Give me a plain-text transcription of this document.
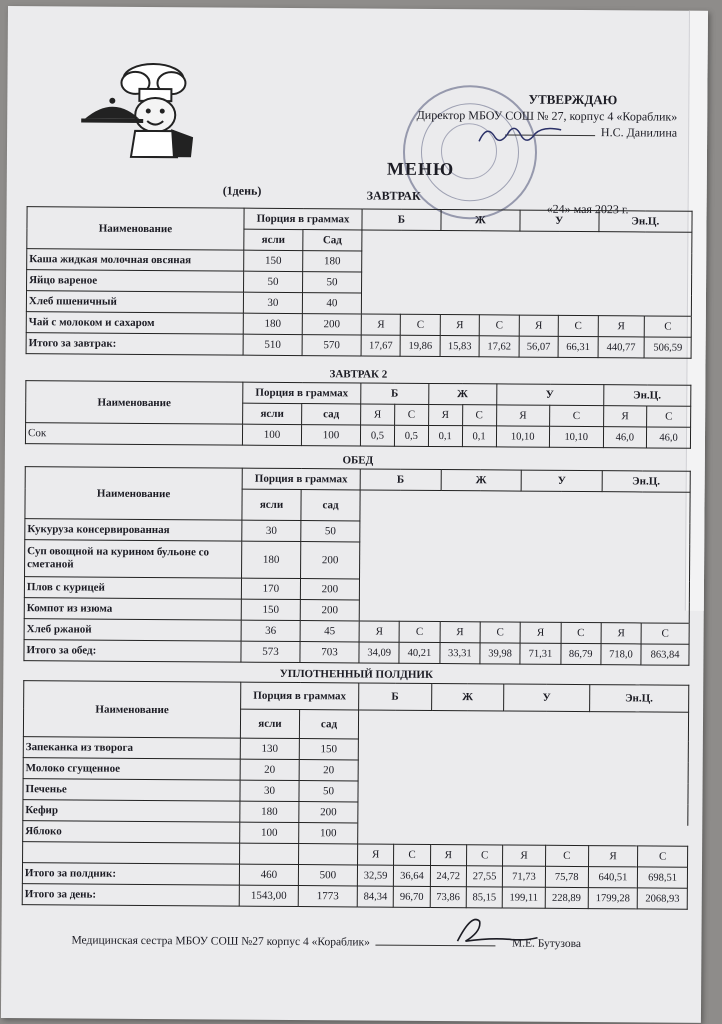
УТВЕРЖДАЮ
Директор МБОУ СОШ № 27, корпус 4 «Кораблик»
Н.С. Данилина
МЕНЮ
(1день)	ЗАВТРАК
«24» мая 2023 г.
Наименование	Порция в граммах		Б		Ж		У		Эн.Ц.	
	ясли	Сад								
Каша жидкая молочная овсяная	150	180								
Яйцо вареное	50	50								
Хлеб пшеничный	30	40								
Чай с молоком и сахаром	180	200	Я	С	Я	С	Я	С	Я	С
Итого за завтрак:	510	570	17,67	19,86	15,83	17,62	56,07	66,31	440,77	506,59
ЗАВТРАК 2
Наименование	Порция в граммах		Б		Ж		У		Эн.Ц.	
	ясли	сад	Я	С	Я	С	Я	С	Я	С
Сок	100	100	0,5	0,5	0,1	0,1	10,10	10,10	46,0	46,0
ОБЕД
Наименование	Порция в граммах		Б		Ж		У		Эн.Ц.	
	ясли	сад								
Кукуруза консервированная	30	50								
Суп овощной на курином бульоне со сметаной	180	200								
Плов с курицей	170	200								
Компот из изюма	150	200								
Хлеб ржаной	36	45	Я	С	Я	С	Я	С	Я	С
Итого за обед:	573	703	34,09	40,21	33,31	39,98	71,31	86,79	718,0	863,84
УПЛОТНЕННЫЙ ПОЛДНИК
Наименование	Порция в граммах		Б		Ж		У		Эн.Ц.	
	ясли	сад								
Запеканка из творога	130	150								
Молоко сгущенное	20	20								
Печенье	30	50								
Кефир	180	200								
Яблоко	100	100								
			Я	С	Я	С	Я	С	Я	С
Итого за полдник:	460	500	32,59	36,64	24,72	27,55	71,73	75,78	640,51	698,51
Итого за день:	1543,00	1773	84,34	96,70	73,86	85,15	199,11	228,89	1799,28	2068,93
Медицинская сестра МБОУ СОШ №27 корпус 4 «Кораблик»	М.Е. Бутузова
